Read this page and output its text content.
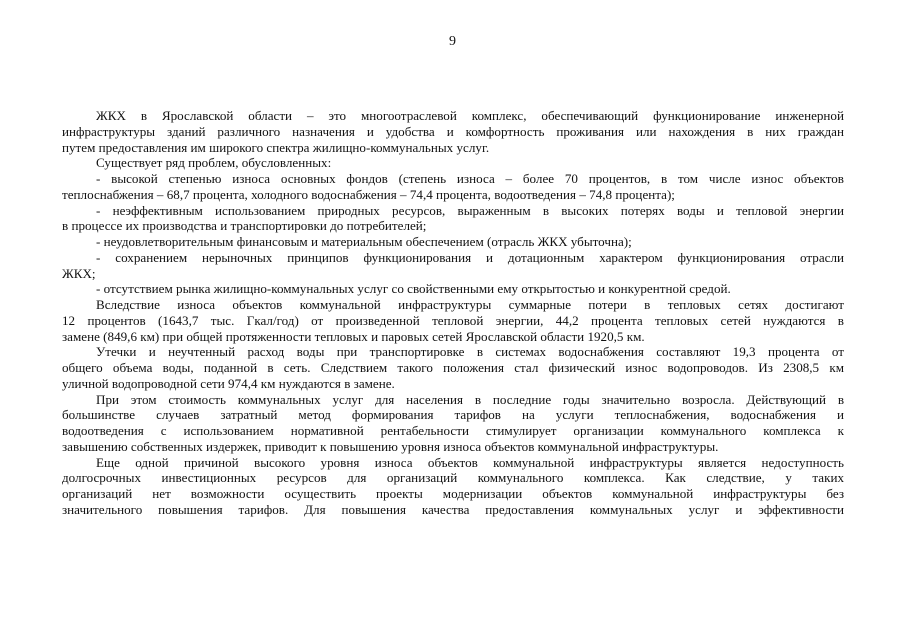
9

ЖКХ в Ярославской области – это многоотраслевой комплекс, обеспечивающий функционирование инженерной

инфраструктуры зданий различного назначения и удобства и комфортность проживания или нахождения в них граждан

путем предоставления им широкого спектра жилищно-коммунальных услуг.

Существует ряд проблем, обусловленных:

- высокой степенью износа основных фондов (степень износа – более 70 процентов, в том числе износ объектов

теплоснабжения – 68,7 процента, холодного водоснабжения – 74,4 процента, водоотведения – 74,8 процента);

- неэффективным использованием природных ресурсов, выраженным в высоких потерях воды и тепловой энергии

в процессе их производства и транспортировки до потребителей;

- неудовлетворительным финансовым и материальным обеспечением (отрасль ЖКХ убыточна);

- сохранением нерыночных принципов функционирования и дотационным характером функционирования отрасли

ЖКХ;

- отсутствием рынка жилищно-коммунальных услуг со свойственными ему открытостью и конкурентной средой.

Вследствие износа объектов коммунальной инфраструктуры суммарные потери в тепловых сетях достигают

12 процентов (1643,7 тыс. Гкал/год) от произведенной тепловой энергии, 44,2 процента тепловых сетей нуждаются в

замене (849,6 км) при общей протяженности тепловых и паровых сетей Ярославской области 1920,5 км.

Утечки и неучтенный расход воды при транспортировке в системах водоснабжения составляют 19,3 процента от

общего объема воды, поданной в сеть. Следствием такого положения стал физический износ водопроводов. Из 2308,5 км

уличной водопроводной сети 974,4 км нуждаются в замене.

При этом стоимость коммунальных услуг для населения в последние годы значительно возросла. Действующий в

большинстве случаев затратный метод формирования тарифов на услуги теплоснабжения, водоснабжения и

водоотведения с использованием нормативной рентабельности стимулирует организации коммунального комплекса к

завышению собственных издержек, приводит к повышению уровня износа объектов коммунальной инфраструктуры.

Еще одной причиной высокого уровня износа объектов коммунальной инфраструктуры является недоступность

долгосрочных инвестиционных ресурсов для организаций коммунального комплекса. Как следствие, у таких

организаций нет возможности осуществить проекты модернизации объектов коммунальной инфраструктуры без

значительного повышения тарифов. Для повышения качества предоставления коммунальных услуг и эффективности
